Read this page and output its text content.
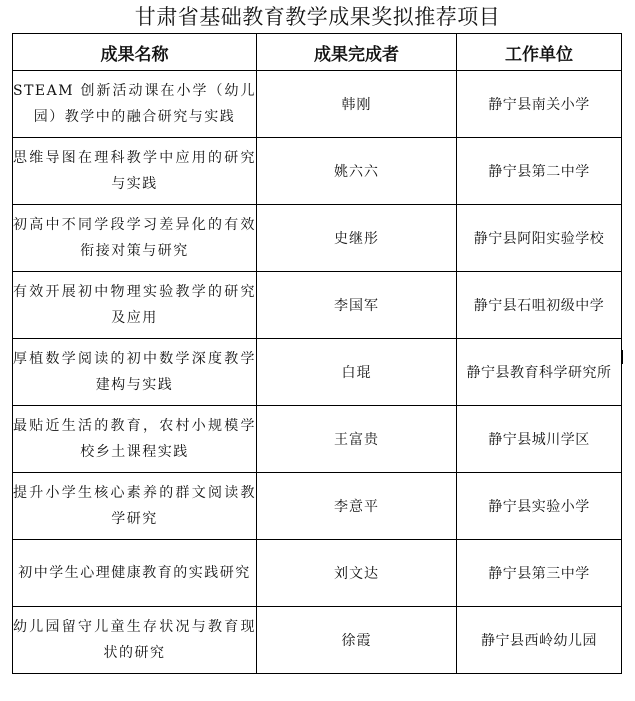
甘肃省基础教育教学成果奖拟推荐项目
成果名称	成果完成者	工作单位

STEAM 创新活动课在小学（幼儿园）教学中的融合研究与实践	韩刚	静宁县南关小学

思维导图在理科教学中应用的研究与实践	姚六六	静宁县第二中学

初高中不同学段学习差异化的有效衔接对策与研究	史继彤	静宁县阿阳实验学校

有效开展初中物理实验教学的研究及应用	李国军	静宁县石咀初级中学

厚植数学阅读的初中数学深度教学建构与实践	白琨	静宁县教育科学研究所

最贴近生活的教育，农村小规模学校乡土课程实践	王富贵	静宁县城川学区

提升小学生核心素养的群文阅读教学研究	李意平	静宁县实验小学

初中学生心理健康教育的实践研究	刘文达	静宁县第三中学

幼儿园留守儿童生存状况与教育现状的研究	徐霞	静宁县西岭幼儿园
